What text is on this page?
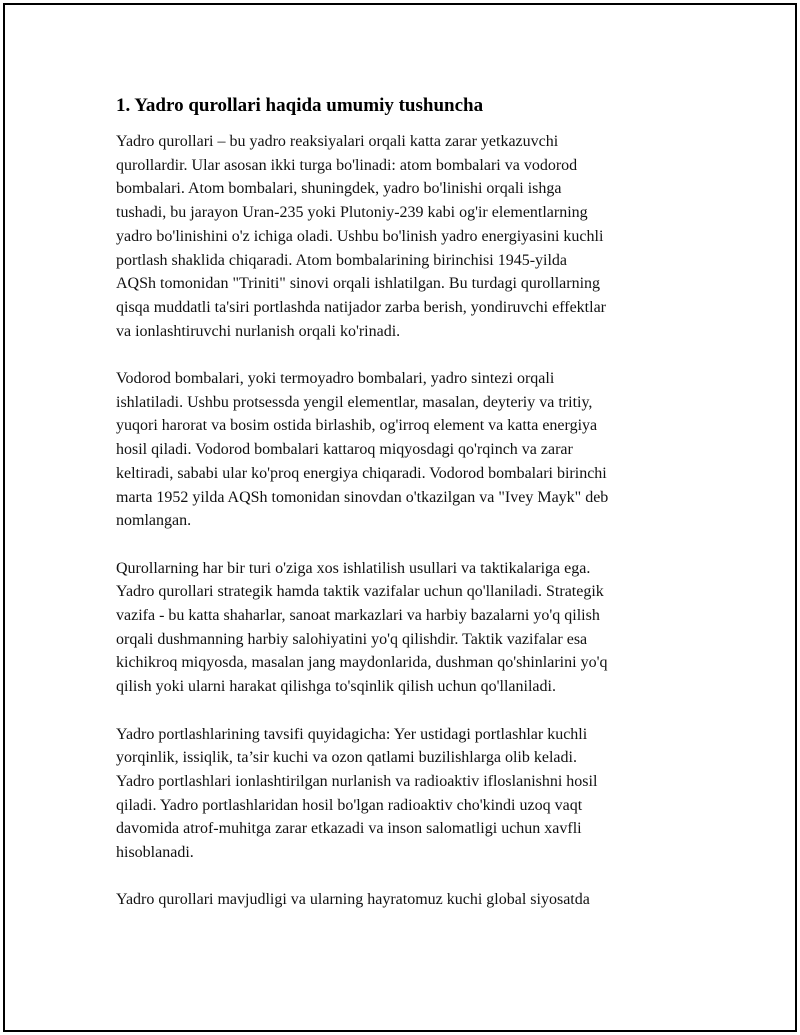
1. Yadro qurollari haqida umumiy tushuncha

Yadro qurollari – bu yadro reaksiyalari orqali katta zarar yetkazuvchi
qurollardir. Ular asosan ikki turga bo'linadi: atom bombalari va vodorod
bombalari. Atom bombalari, shuningdek, yadro bo'linishi orqali ishga
tushadi, bu jarayon Uran-235 yoki Plutoniy-239 kabi og'ir elementlarning
yadro bo'linishini o'z ichiga oladi. Ushbu bo'linish yadro energiyasini kuchli
portlash shaklida chiqaradi. Atom bombalarining birinchisi 1945-yilda
AQSh tomonidan "Triniti" sinovi orqali ishlatilgan. Bu turdagi qurollarning
qisqa muddatli ta'siri portlashda natijador zarba berish, yondiruvchi effektlar
va ionlashtiruvchi nurlanish orqali ko'rinadi.

Vodorod bombalari, yoki termoyadro bombalari, yadro sintezi orqali
ishlatiladi. Ushbu protsessda yengil elementlar, masalan, deyteriy va tritiy,
yuqori harorat va bosim ostida birlashib, og'irroq element va katta energiya
hosil qiladi. Vodorod bombalari kattaroq miqyosdagi qo'rqinch va zarar
keltiradi, sababi ular ko'proq energiya chiqaradi. Vodorod bombalari birinchi
marta 1952 yilda AQSh tomonidan sinovdan o'tkazilgan va "Ivey Mayk" deb
nomlangan.

Qurollarning har bir turi o'ziga xos ishlatilish usullari va taktikalariga ega.
Yadro qurollari strategik hamda taktik vazifalar uchun qo'llaniladi. Strategik
vazifa - bu katta shaharlar, sanoat markazlari va harbiy bazalarni yo'q qilish
orqali dushmanning harbiy salohiyatini yo'q qilishdir. Taktik vazifalar esa
kichikroq miqyosda, masalan jang maydonlarida, dushman qo'shinlarini yo'q
qilish yoki ularni harakat qilishga to'sqinlik qilish uchun qo'llaniladi.

Yadro portlashlarining tavsifi quyidagicha: Yer ustidagi portlashlar kuchli
yorqinlik, issiqlik, ta’sir kuchi va ozon qatlami buzilishlarga olib keladi.
Yadro portlashlari ionlashtirilgan nurlanish va radioaktiv ifloslanishni hosil
qiladi. Yadro portlashlaridan hosil bo'lgan radioaktiv cho'kindi uzoq vaqt
davomida atrof-muhitga zarar etkazadi va inson salomatligi uchun xavfli
hisoblanadi.

Yadro qurollari mavjudligi va ularning hayratomuz kuchi global siyosatda
